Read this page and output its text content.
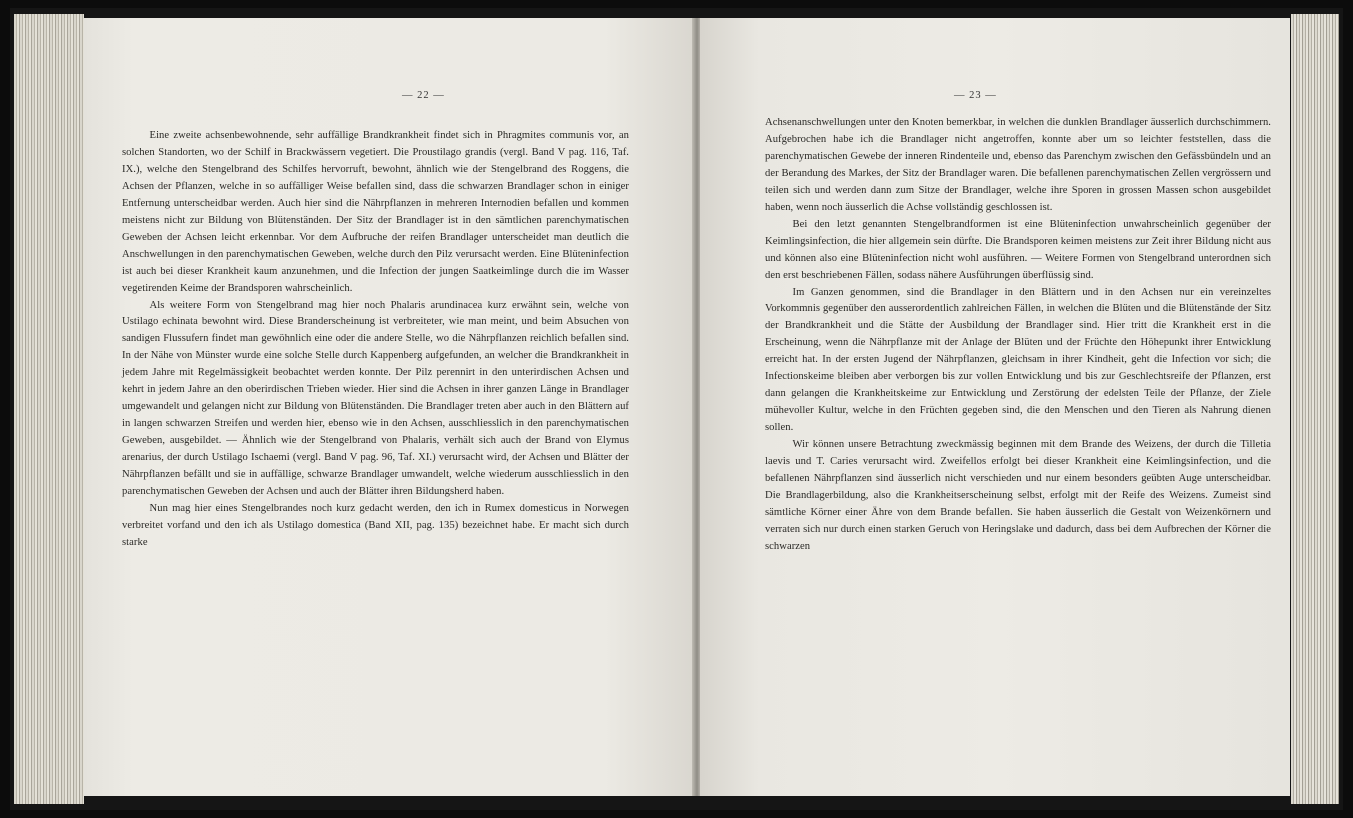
— 22 —

Eine zweite achsenbewohnende, sehr auffällige Brandkrankheit findet sich in Phragmites communis vor, an solchen Standorten, wo der Schilf in Brackwässern vegetiert. Die Proustilago grandis (vergl. Band V pag. 116, Taf. IX.), welche den Stengelbrand des Schilfes hervorruft, bewohnt, ähnlich wie der Stengelbrand des Roggens, die Achsen der Pflanzen, welche in so auffälliger Weise befallen sind, dass die schwarzen Brandlager schon in einiger Entfernung unterscheidbar werden. Auch hier sind die Nährpflanzen in mehreren Internodien befallen und kommen meistens nicht zur Bildung von Blütenständen. Der Sitz der Brandlager ist in den sämtlichen parenchymatischen Geweben der Achsen leicht erkennbar. Vor dem Aufbruche der reifen Brandlager unterscheidet man deutlich die Anschwellungen in den parenchymatischen Geweben, welche durch den Pilz verursacht werden. Eine Blüteninfection ist auch bei dieser Krankheit kaum anzunehmen, und die Infection der jungen Saatkeimlinge durch die im Wasser vegetirenden Keime der Brandsporen wahrscheinlich.

Als weitere Form von Stengelbrand mag hier noch Phalaris arundinacea kurz erwähnt sein, welche von Ustilago echinata bewohnt wird. Diese Branderscheinung ist verbreiteter, wie man meint, und beim Absuchen von sandigen Flussufern findet man gewöhnlich eine oder die andere Stelle, wo die Nährpflanzen reichlich befallen sind. In der Nähe von Münster wurde eine solche Stelle durch Kappenberg aufgefunden, an welcher die Brandkrankheit in jedem Jahre mit Regelmässigkeit beobachtet werden konnte. Der Pilz perennirt in den unterirdischen Achsen und kehrt in jedem Jahre an den oberirdischen Trieben wieder. Hier sind die Achsen in ihrer ganzen Länge in Brandlager umgewandelt und gelangen nicht zur Bildung von Blütenständen. Die Brandlager treten aber auch in den Blättern auf in langen schwarzen Streifen und werden hier, ebenso wie in den Achsen, ausschliesslich in den parenchymatischen Geweben, ausgebildet. — Ähnlich wie der Stengelbrand von Phalaris, verhält sich auch der Brand von Elymus arenarius, der durch Ustilago Ischaemi (vergl. Band V pag. 96, Taf. XI.) verursacht wird, der Achsen und Blätter der Nährpflanzen befällt und sie in auffällige, schwarze Brandlager umwandelt, welche wiederum ausschliesslich in den parenchymatischen Geweben der Achsen und auch der Blätter ihren Bildungsherd haben.

Nun mag hier eines Stengelbrandes noch kurz gedacht werden, den ich in Rumex domesticus in Norwegen verbreitet vorfand und den ich als Ustilago domestica (Band XII, pag. 135) bezeichnet habe. Er macht sich durch starke

— 23 —

Achsenanschwellungen unter den Knoten bemerkbar, in welchen die dunklen Brandlager äusserlich durchschimmern. Aufgebrochen habe ich die Brandlager nicht angetroffen, konnte aber um so leichter feststellen, dass die parenchymatischen Gewebe der inneren Rindenteile und, ebenso das Parenchym zwischen den Gefässbündeln und an der Berandung des Markes, der Sitz der Brandlager waren. Die befallenen parenchymatischen Zellen vergrössern und teilen sich und werden dann zum Sitze der Brandlager, welche ihre Sporen in grossen Massen schon ausgebildet haben, wenn noch äusserlich die Achse vollständig geschlossen ist.

Bei den letzt genannten Stengelbrandformen ist eine Blüteninfection unwahrscheinlich gegenüber der Keimlingsinfection, die hier allgemein sein dürfte. Die Brandsporen keimen meistens zur Zeit ihrer Bildung nicht aus und können also eine Blüteninfection nicht wohl ausführen. — Weitere Formen von Stengelbrand unterordnen sich den erst beschriebenen Fällen, sodass nähere Ausführungen überflüssig sind.

Im Ganzen genommen, sind die Brandlager in den Blättern und in den Achsen nur ein vereinzeltes Vorkommnis gegenüber den ausserordentlich zahlreichen Fällen, in welchen die Blüten und die Blütenstände der Sitz der Brandkrankheit und die Stätte der Ausbildung der Brandlager sind. Hier tritt die Krankheit erst in die Erscheinung, wenn die Nährpflanze mit der Anlage der Blüten und der Früchte den Höhepunkt ihrer Entwicklung erreicht hat. In der ersten Jugend der Nährpflanzen, gleichsam in ihrer Kindheit, geht die Infection vor sich; die Infectionskeime bleiben aber verborgen bis zur vollen Entwicklung und bis zur Geschlechtsreife der Pflanzen, erst dann gelangen die Krankheitskeime zur Entwicklung und Zerstörung der edelsten Teile der Pflanze, der Ziele mühevoller Kultur, welche in den Früchten gegeben sind, die den Menschen und den Tieren als Nahrung dienen sollen.

Wir können unsere Betrachtung zweckmässig beginnen mit dem Brande des Weizens, der durch die Tilletia laevis und T. Caries verursacht wird. Zweifellos erfolgt bei dieser Krankheit eine Keimlingsinfection, und die befallenen Nährpflanzen sind äusserlich nicht verschieden und nur einem besonders geübten Auge unterscheidbar. Die Brandlagerbildung, also die Krankheitserscheinung selbst, erfolgt mit der Reife des Weizens. Zumeist sind sämtliche Körner einer Ähre von dem Brande befallen. Sie haben äusserlich die Gestalt von Weizenkörnern und verraten sich nur durch einen starken Geruch von Heringslake und dadurch, dass bei dem Aufbrechen der Körner die schwarzen
